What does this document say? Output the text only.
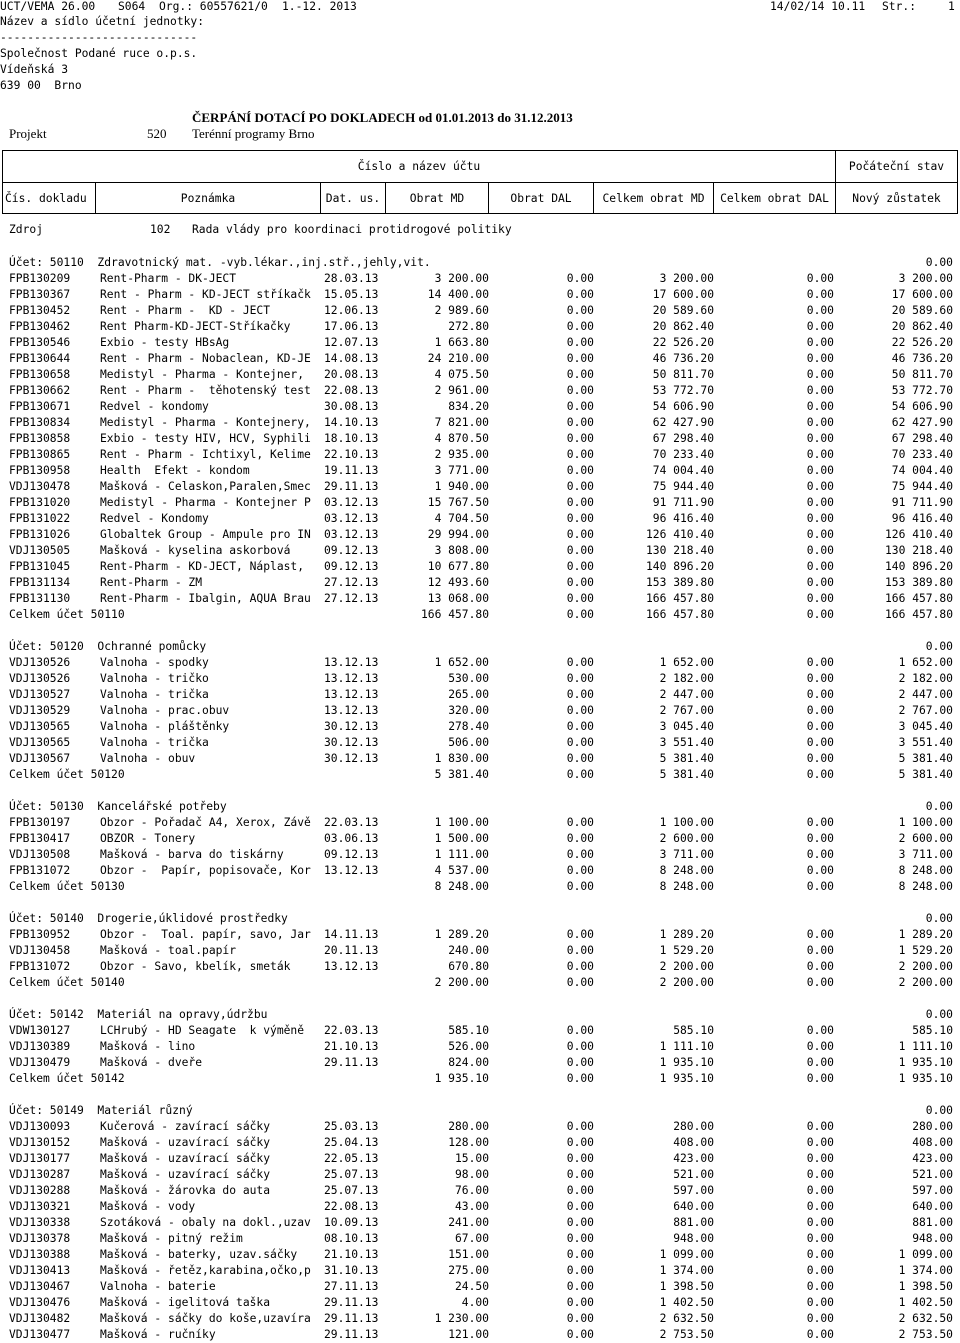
UCT/VEMA 26.00 S064 Org.: 60557621/0 1.-12. 2013	14/02/14 10.11 Str.:	1
Název a sídlo účetní jednotky:
-----------------------------
Společnost Podané ruce o.p.s.
Vídeňská 3
639 00  Brno
ČERPÁNÍ DOTACÍ PO DOKLADECH od 01.01.2013 do 31.12.2013
Projekt	520 Terénní programy Brno
Číslo a název účtu	Počáteční stav
Čís. dokladu	Poznámka	Dat. us.	Obrat MD	Obrat DAL	Celkem obrat MD	Celkem obrat DAL	Nový zůstatek
Zdroj	102 Rada vlády pro koordinaci protidrogové politiky
Účet: 50110  Zdravotnický mat. -vyb.lékar.,inj.stř.,jehly,vit.	0.00
FPB130209	Rent-Pharm - DK-JECT	28.03.13	3 200.00	0.00	3 200.00	0.00	3 200.00
FPB130367	Rent - Pharm - KD-JECT stříkačk	15.05.13	14 400.00	0.00	17 600.00	0.00	17 600.00
FPB130452	Rent - Pharm -  KD - JECT	12.06.13	2 989.60	0.00	20 589.60	0.00	20 589.60
FPB130462	Rent Pharm-KD-JECT-Stříkačky	17.06.13	272.80	0.00	20 862.40	0.00	20 862.40
FPB130546	Exbio - testy HBsAg	12.07.13	1 663.80	0.00	22 526.20	0.00	22 526.20
FPB130644	Rent - Pharm - Nobaclean, KD-JE	14.08.13	24 210.00	0.00	46 736.20	0.00	46 736.20
FPB130658	Medistyl - Pharma - Kontejner,	20.08.13	4 075.50	0.00	50 811.70	0.00	50 811.70
FPB130662	Rent - Pharm -  těhotenský test	22.08.13	2 961.00	0.00	53 772.70	0.00	53 772.70
FPB130671	Redvel - kondomy	30.08.13	834.20	0.00	54 606.90	0.00	54 606.90
FPB130834	Medistyl - Pharma - Kontejnery,	14.10.13	7 821.00	0.00	62 427.90	0.00	62 427.90
FPB130858	Exbio - testy HIV, HCV, Syphili	18.10.13	4 870.50	0.00	67 298.40	0.00	67 298.40
FPB130865	Rent - Pharm - Ichtixyl, Kelime	22.10.13	2 935.00	0.00	70 233.40	0.00	70 233.40
FPB130958	Health  Efekt - kondom	19.11.13	3 771.00	0.00	74 004.40	0.00	74 004.40
VDJ130478	Mašková - Celaskon,Paralen,Smec	29.11.13	1 940.00	0.00	75 944.40	0.00	75 944.40
FPB131020	Medistyl - Pharma - Kontejner P	03.12.13	15 767.50	0.00	91 711.90	0.00	91 711.90
FPB131022	Redvel - Kondomy	03.12.13	4 704.50	0.00	96 416.40	0.00	96 416.40
FPB131026	Globaltek Group - Ampule pro IN	03.12.13	29 994.00	0.00	126 410.40	0.00	126 410.40
VDJ130505	Mašková - kyselina askorbová	09.12.13	3 808.00	0.00	130 218.40	0.00	130 218.40
FPB131045	Rent-Pharm - KD-JECT, Náplast,	09.12.13	10 677.80	0.00	140 896.20	0.00	140 896.20
FPB131134	Rent-Pharm - ZM	27.12.13	12 493.60	0.00	153 389.80	0.00	153 389.80
FPB131130	Rent-Pharm - Ibalgin, AQUA Brau	27.12.13	13 068.00	0.00	166 457.80	0.00	166 457.80
Celkem účet 50110	166 457.80	0.00	166 457.80	0.00	166 457.80
Účet: 50120  Ochranné pomůcky	0.00
VDJ130526	Valnoha - spodky	13.12.13	1 652.00	0.00	1 652.00	0.00	1 652.00
VDJ130526	Valnoha - tričko	13.12.13	530.00	0.00	2 182.00	0.00	2 182.00
VDJ130527	Valnoha - trička	13.12.13	265.00	0.00	2 447.00	0.00	2 447.00
VDJ130529	Valnoha - prac.obuv	13.12.13	320.00	0.00	2 767.00	0.00	2 767.00
VDJ130565	Valnoha - pláštěnky	30.12.13	278.40	0.00	3 045.40	0.00	3 045.40
VDJ130565	Valnoha - trička	30.12.13	506.00	0.00	3 551.40	0.00	3 551.40
VDJ130567	Valnoha - obuv	30.12.13	1 830.00	0.00	5 381.40	0.00	5 381.40
Celkem účet 50120	5 381.40	0.00	5 381.40	0.00	5 381.40
Účet: 50130  Kancelářské potřeby	0.00
FPB130197	Obzor - Pořadač A4, Xerox, Závě	22.03.13	1 100.00	0.00	1 100.00	0.00	1 100.00
FPB130417	OBZOR - Tonery	03.06.13	1 500.00	0.00	2 600.00	0.00	2 600.00
VDJ130508	Mašková - barva do tiskárny	09.12.13	1 111.00	0.00	3 711.00	0.00	3 711.00
FPB131072	Obzor -  Papír, popisovače, Kor	13.12.13	4 537.00	0.00	8 248.00	0.00	8 248.00
Celkem účet 50130	8 248.00	0.00	8 248.00	0.00	8 248.00
Účet: 50140  Drogerie,úklidové prostředky	0.00
FPB130952	Obzor -  Toal. papír, savo, Jar	14.11.13	1 289.20	0.00	1 289.20	0.00	1 289.20
VDJ130458	Mašková - toal.papír	20.11.13	240.00	0.00	1 529.20	0.00	1 529.20
FPB131072	Obzor - Savo, kbelík, smeták	13.12.13	670.80	0.00	2 200.00	0.00	2 200.00
Celkem účet 50140	2 200.00	0.00	2 200.00	0.00	2 200.00
Účet: 50142  Materiál na opravy,údržbu	0.00
VDW130127	LCHrubý - HD Seagate  k výměně	22.03.13	585.10	0.00	585.10	0.00	585.10
VDJ130389	Mašková - lino	21.10.13	526.00	0.00	1 111.10	0.00	1 111.10
VDJ130479	Mašková - dveře	29.11.13	824.00	0.00	1 935.10	0.00	1 935.10
Celkem účet 50142	1 935.10	0.00	1 935.10	0.00	1 935.10
Účet: 50149  Materiál různý	0.00
VDJ130093	Kučerová - zavírací sáčky	25.03.13	280.00	0.00	280.00	0.00	280.00
VDJ130152	Mašková - uzavírací sáčky	25.04.13	128.00	0.00	408.00	0.00	408.00
VDJ130177	Mašková - uzavírací sáčky	22.05.13	15.00	0.00	423.00	0.00	423.00
VDJ130287	Mašková - uzavírací sáčky	25.07.13	98.00	0.00	521.00	0.00	521.00
VDJ130288	Mašková - žárovka do auta	25.07.13	76.00	0.00	597.00	0.00	597.00
VDJ130321	Mašková - vody	22.08.13	43.00	0.00	640.00	0.00	640.00
VDJ130338	Szotáková - obaly na dokl.,uzav	10.09.13	241.00	0.00	881.00	0.00	881.00
VDJ130378	Mašková - pitný režim	08.10.13	67.00	0.00	948.00	0.00	948.00
VDJ130388	Mašková - baterky, uzav.sáčky	21.10.13	151.00	0.00	1 099.00	0.00	1 099.00
VDJ130413	Mašková - řetěz,karabina,očko,p	31.10.13	275.00	0.00	1 374.00	0.00	1 374.00
VDJ130467	Valnoha - baterie	27.11.13	24.50	0.00	1 398.50	0.00	1 398.50
VDJ130476	Mašková - igelitová taška	29.11.13	4.00	0.00	1 402.50	0.00	1 402.50
VDJ130482	Mašková - sáčky do koše,uzavíra	29.11.13	1 230.00	0.00	2 632.50	0.00	2 632.50
VDJ130477	Mašková - ručníky	29.11.13	121.00	0.00	2 753.50	0.00	2 753.50
